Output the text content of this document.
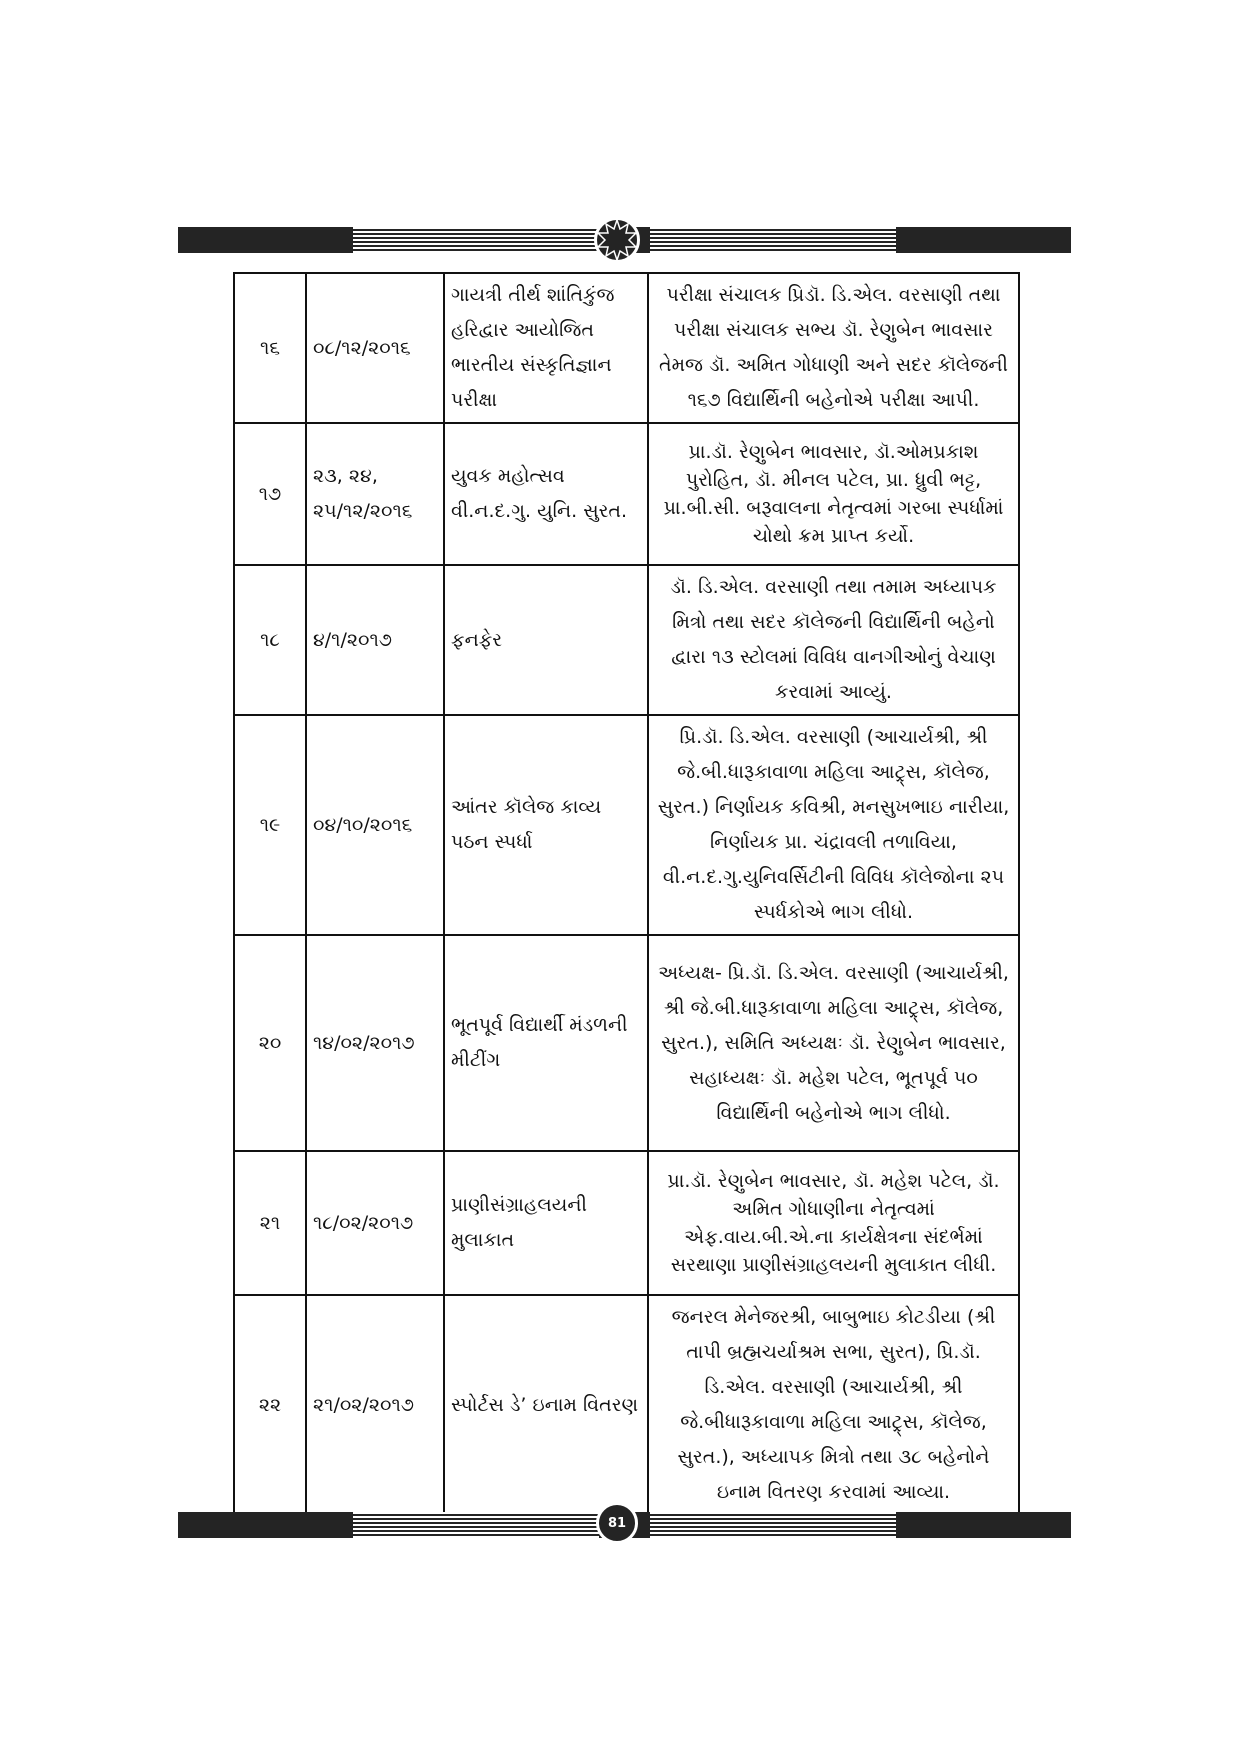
૧૬	૦૮/૧૨/૨૦૧૬	ગાયત્રી તીર્થ શાંતિકુંજ હરિદ્વાર આયોજિત ભારતીય સંસ્કૃતિજ્ઞાન પરીક્ષા	પરીક્ષા સંચાલક પ્રિડૉ. ડિ.એલ. વરસાણી તથા પરીક્ષા સંચાલક સભ્ય ડૉ. રેણુબેન ભાવસાર તેમજ ડૉ. અમિત ગોધાણી અને સદર કૉલેજની ૧૬૭ વિદ્યાર્થિની બહેનોએ પરીક્ષા આપી.
૧૭	૨૩, ૨૪, ૨૫/૧૨/૨૦૧૬	યુવક મહોત્સવ વી.ન.દ.ગુ. યુનિ. સુરત.	પ્રા.ડૉ. રેણુબેન ભાવસાર, ડૉ.ઓમપ્રકાશ પુરોહિત, ડૉ. મીનલ પટેલ, પ્રા. ધ્રુવી ભટ્ટ, પ્રા.બી.સી. બરૂવાલના નેતૃત્વમાં ગરબા સ્પર્ધામાં ચોથો ક્રમ પ્રાપ્ત કર્યો.
૧૮	૪/૧/૨૦૧૭	ફનફેર	ડૉ. ડિ.એલ. વરસાણી તથા તમામ અધ્યાપક મિત્રો તથા સદર કૉલેજની વિદ્યાર્થિની બહેનો દ્વારા ૧૩ સ્ટોલમાં વિવિધ વાનગીઓનું વેચાણ કરવામાં આવ્યું.
૧૯	૦૪/૧૦/૨૦૧૬	આંતર કૉલેજ કાવ્ય પઠન સ્પર્ધા	પ્રિ.ડૉ. ડિ.એલ. વરસાણી (આચાર્યશ્રી, શ્રી જે.બી.ધારૂકાવાળા મહિલા આટ્ર્સ, કૉલેજ, સુરત.) નિર્ણાયક કવિશ્રી, મનસુખભાઇ નારીયા, નિર્ણાયક પ્રા. ચંદ્રાવલી તળાવિયા, વી.ન.દ.ગુ.યુનિવર્સિટીની વિવિધ કૉલેજોના ૨૫ સ્પર્ધકોએ ભાગ લીધો.
૨૦	૧૪/૦૨/૨૦૧૭	ભૂતપૂર્વ વિદ્યાર્થી મંડળની મીટીંગ	અધ્યક્ષ- પ્રિ.ડૉ. ડિ.એલ. વરસાણી (આચાર્યશ્રી, શ્રી જે.બી.ધારૂકાવાળા મહિલા આટ્ર્સ, કૉલેજ, સુરત.), સમિતિ અધ્યક્ષઃ ડૉ. રેણુબેન ભાવસાર, સહાધ્યક્ષઃ ડૉ. મહેશ પટેલ, ભૂતપૂર્વ ૫૦ વિદ્યાર્થિની બહેનોએ ભાગ લીધો.
૨૧	૧૮/૦૨/૨૦૧૭	પ્રાણીસંગ્રાહલયની મુલાકાત	પ્રા.ડૉ. રેણુબેન ભાવસાર, ડૉ. મહેશ પટેલ, ડૉ. અમિત ગોધાણીના નેતૃત્વમાં એફ.વાય.બી.એ.ના કાર્યક્ષેત્રના સંદર્ભમાં સરથાણા પ્રાણીસંગ્રાહલયની મુલાકાત લીધી.
૨૨	૨૧/૦૨/૨૦૧૭	સ્પોર્ટસ ડે’ ઇનામ વિતરણ	જનરલ મેનેજરશ્રી, બાબુભાઇ કોટડીયા (શ્રી તાપી બ્રહ્મચર્યાશ્રમ સભા, સુરત), પ્રિ.ડૉ. ડિ.એલ. વરસાણી (આચાર્યશ્રી, શ્રી જે.બીધારૂકાવાળા મહિલા આટ્ર્સ, કૉલેજ, સુરત.), અધ્યાપક મિત્રો તથા ૩૮ બહેનોને ઇનામ વિતરણ કરવામાં આવ્યા.
81
